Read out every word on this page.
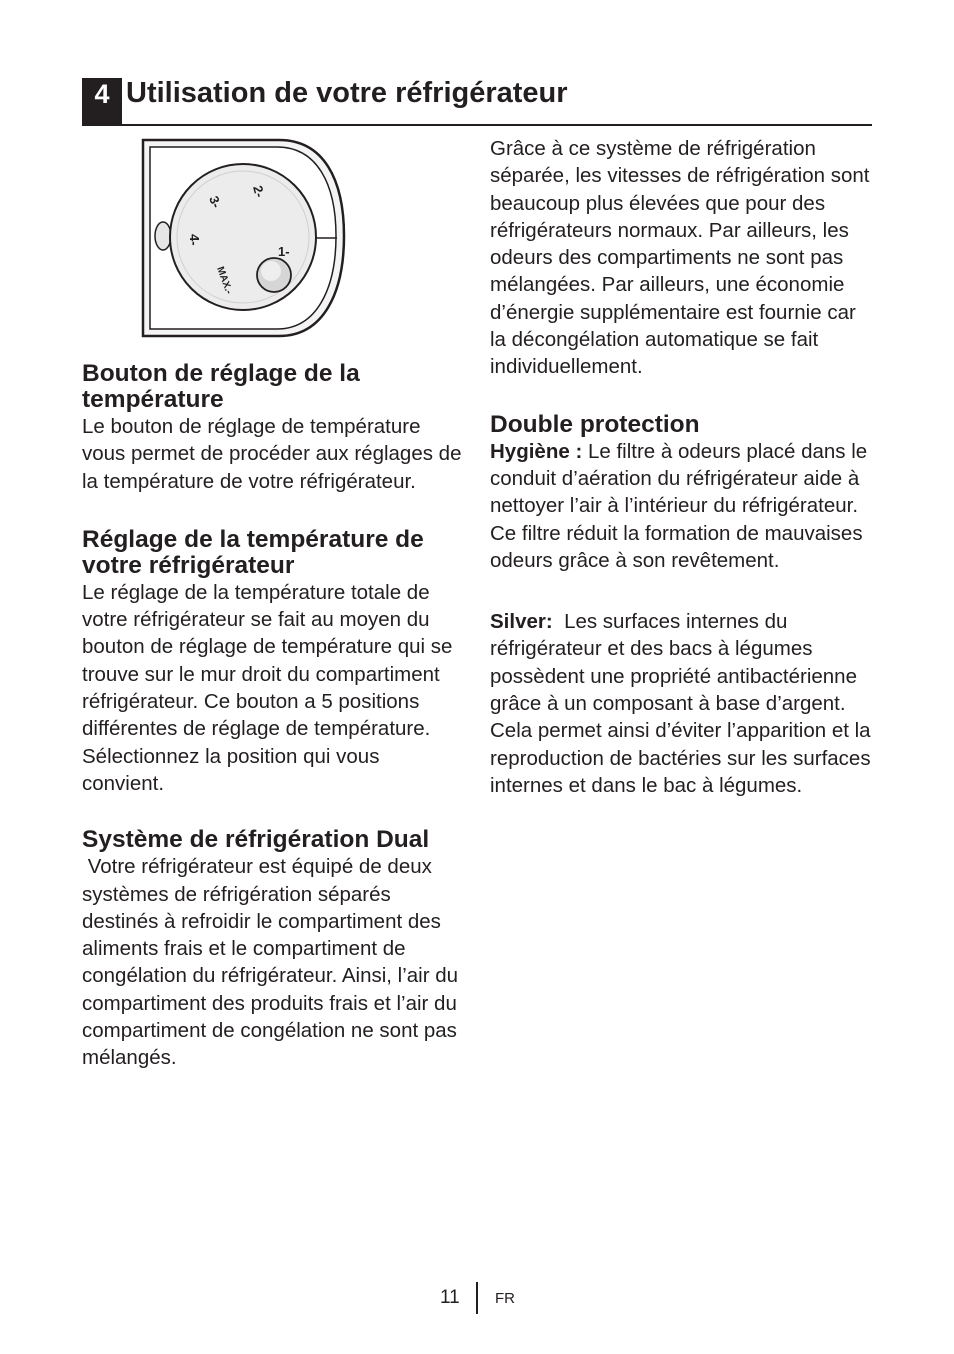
4 Utilisation de votre réfrigérateur
2-
3-
4-
1-
MAX.-
Bouton de réglage de la température

Le bouton de réglage de température vous permet de procéder aux réglages de la température de votre réfrigérateur.

Réglage de la température de votre réfrigérateur

Le réglage de la température totale de votre réfrigérateur se fait au moyen du bouton de réglage de température qui se trouve sur le mur droit du compartiment réfrigérateur. Ce bouton a 5 positions différentes de réglage de température. Sélectionnez la position qui vous convient.

Système de réfrigération Dual

Votre réfrigérateur est équipé de deux systèmes de réfrigération séparés destinés à refroidir le compartiment des aliments frais et le compartiment de congélation du réfrigérateur. Ainsi, l’air du compartiment des produits frais et l’air du compartiment de congélation ne sont pas mélangés.

Grâce à ce système de réfrigération séparée, les vitesses de réfrigération sont beaucoup plus élevées que pour des réfrigérateurs normaux. Par ailleurs, les odeurs des compartiments ne sont pas mélangées. Par ailleurs, une économie d’énergie supplémentaire est fournie car la décongélation automatique se fait individuellement.

Double protection

Hygiène : Le filtre à odeurs placé dans le conduit d’aération du réfrigérateur aide à nettoyer l’air à l’intérieur du réfrigérateur. Ce filtre réduit la formation de mauvaises odeurs grâce à son revêtement.

Silver:  Les surfaces internes du réfrigérateur et des bacs à légumes possèdent une propriété antibactérienne grâce à un composant à base d’argent. Cela permet ainsi d’éviter l’apparition et la reproduction de bactéries sur les surfaces internes et dans le bac à légumes.

11 FR
